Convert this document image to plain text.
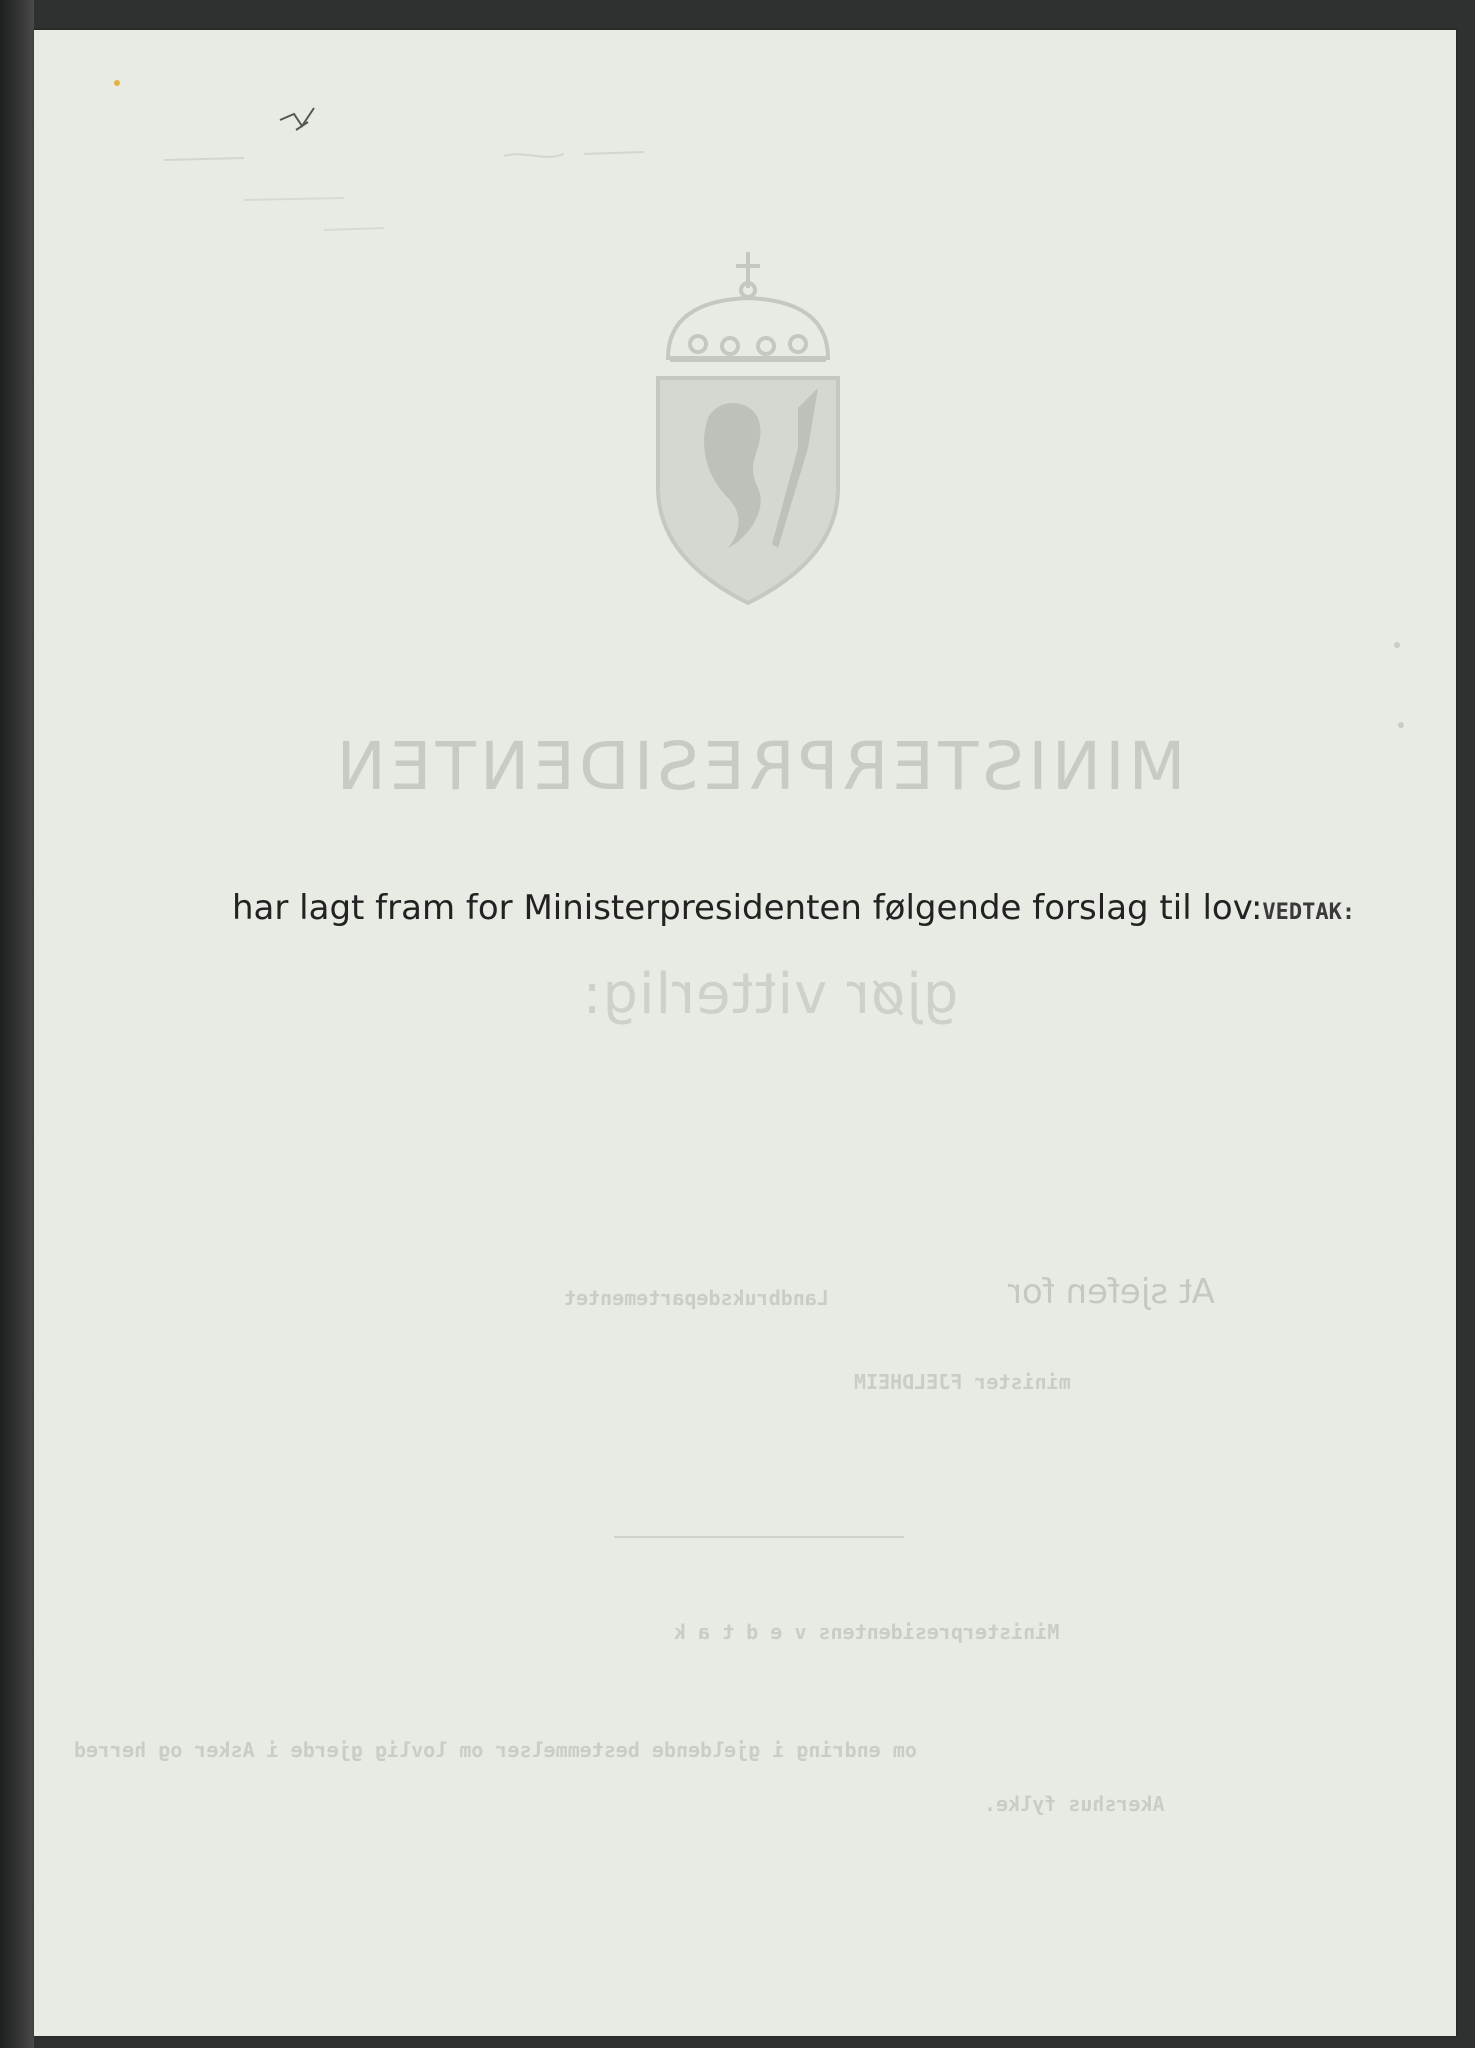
MINISTERPRESIDENTEN
har lagt fram for Ministerpresidenten følgende forslag til lov:VEDTAK:
gjør vitterlig:
Landbruksdepartementet	At sjefen for
minister FJELDHEIM
Ministerpresidentens v e d t a k
om endring i gjeldende bestemmelser om lovlig gjerde i Asker og herred
Akershus fylke.
